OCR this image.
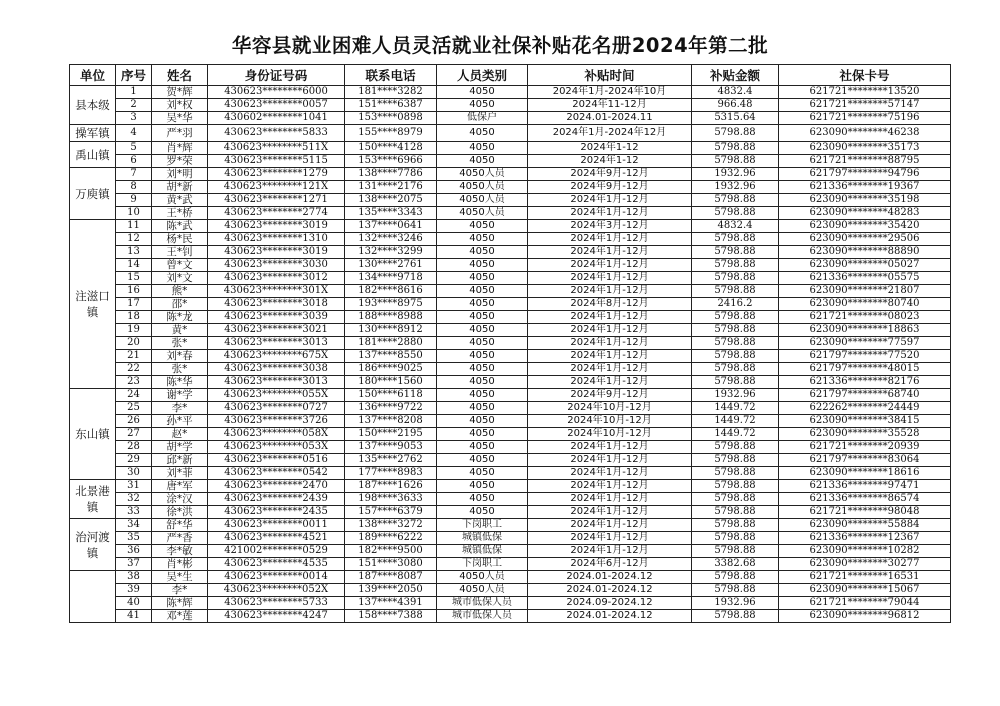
华容县就业困难人员灵活就业社保补贴花名册2024年第二批
单位	序号	姓名	身份证号码	联系电话	人员类别	补贴时间	补贴金额	社保卡号
县本级	1	贺*辉	430623********6000	181****3282	4050	2024年1月-2024年10月	4832.4	621721********13520
	2	刘*权	430623********0057	151****6387	4050	2024年11-12月	966.48	621721********57147
	3	吴*华	430602********1041	153****0898	低保户	2024.01-2024.11	5315.64	621721********75196
操军镇	4	严*羽	430623********5833	155****8979	4050	2024年1月-2024年12月	5798.88	623090********46238
禹山镇	5	肖*辉	430623********511X	150****4128	4050	2024年1-12	5798.88	623090********35173
	6	罗*荣	430623********5115	153****6966	4050	2024年1-12	5798.88	621721********88795
万庾镇	7	刘*明	430623********1279	138****7786	4050人员	2024年9月-12月	1932.96	621797********94796
	8	胡*新	430623********121X	131****2176	4050人员	2024年9月-12月	1932.96	621336********19367
	9	黄*武	430623********1271	138****2075	4050人员	2024年1月-12月	5798.88	623090********35198
	10	王*桥	430623********2774	135****3343	4050人员	2024年1月-12月	5798.88	623090********48283
注滋口镇	11	陈*武	430623********3019	137****0641	4050	2024年3月-12月	4832.4	623090********35420
	12	杨*民	430623********1310	132****3246	4050	2024年1月-12月	5798.88	623090********29506
	13	王*钊	430623********3019	132****3299	4050	2024年1月-12月	5798.88	623090********88890
	14	曾*文	430623********3030	130****2761	4050	2024年1月-12月	5798.88	623090********05027
	15	刘*文	430623********3012	134****9718	4050	2024年1月-12月	5798.88	621336********05575
	16	熊*	430623********301X	182****8616	4050	2024年1月-12月	5798.88	623090********21807
	17	邵*	430623********3018	193****8975	4050	2024年8月-12月	2416.2	623090********80740
	18	陈*龙	430623********3039	188****8988	4050	2024年1月-12月	5798.88	621721********08023
	19	黄*	430623********3021	130****8912	4050	2024年1月-12月	5798.88	623090********18863
	20	张*	430623********3013	181****2880	4050	2024年1月-12月	5798.88	623090********77597
	21	刘*春	430623********675X	137****8550	4050	2024年1月-12月	5798.88	621797********77520
	22	张*	430623********3038	186****9025	4050	2024年1月-12月	5798.88	621797********48015
	23	陈*华	430623********3013	180****1560	4050	2024年1月-12月	5798.88	621336********82176
东山镇	24	谢*学	430623********055X	150****6118	4050	2024年9月-12月	1932.96	621797********68740
	25	李*	430623********0727	136****9722	4050	2024年10月-12月	1449.72	622262********24449
	26	孙*平	430623********3726	137****8208	4050	2024年10月-12月	1449.72	623090********38415
	27	赵*	430623********058X	150****2195	4050	2024年10月-12月	1449.72	623090********35528
	28	胡*学	430623********053X	137****9053	4050	2024年1月-12月	5798.88	621721********20939
	29	邱*新	430623********0516	135****2762	4050	2024年1月-12月	5798.88	621797********83064
	30	刘*菲	430623********0542	177****8983	4050	2024年1月-12月	5798.88	623090********18616
北景港镇	31	唐*军	430623********2470	187****1626	4050	2024年1月-12月	5798.88	621336********97471
	32	涂*汉	430623********2439	198****3633	4050	2024年1月-12月	5798.88	621336********86574
	33	徐*洪	430623********2435	157****6379	4050	2024年1月-12月	5798.88	621721********98048
治河渡镇	34	舒*华	430623********0011	138****3272	下岗职工	2024年1月-12月	5798.88	623090********55884
	35	严*香	430623********4521	189****6222	城镇低保	2024年1月-12月	5798.88	621336********12367
	36	李*敏	421002********0529	182****9500	城镇低保	2024年1月-12月	5798.88	623090********10282
	37	肖*彬	430623********4535	151****3080	下岗职工	2024年6月-12月	3382.68	623090********30277
	38	吴*生	430623********0014	187****8087	4050人员	2024.01-2024.12	5798.88	621721********16531
	39	李*	430623********052X	139****2050	4050人员	2024.01-2024.12	5798.88	623090********15067
	40	陈*辉	430623********5733	137****4391	城市低保人员	2024.09-2024.12	1932.96	621721********79044
	41	邓*莲	430623********4247	158****7388	城市低保人员	2024.01-2024.12	5798.88	623090********96812
